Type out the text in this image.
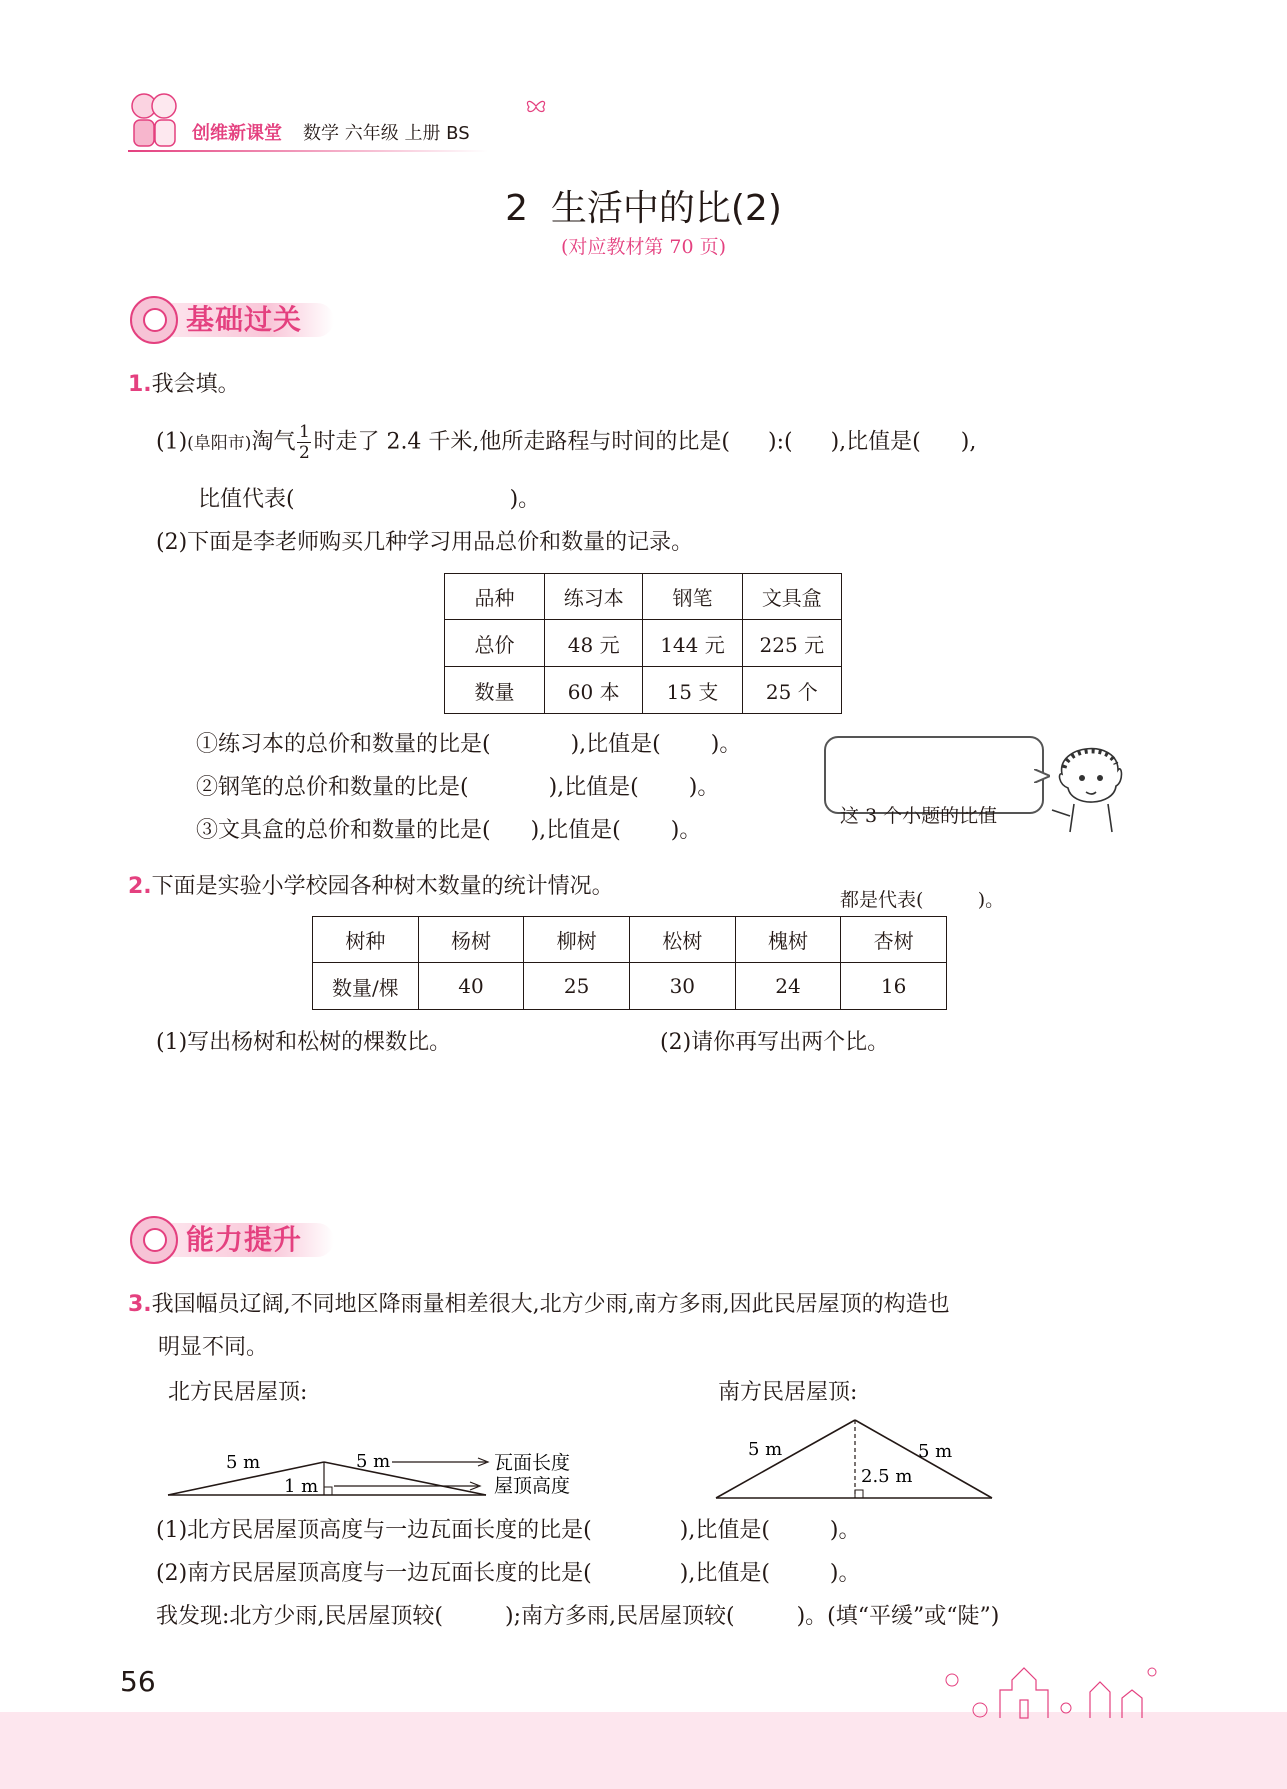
创维新课堂 数学 六年级 上册 BS
2  生活中的比(2)
(对应教材第 70 页)
基础过关
1.我会填。
(1)(阜阳市)淘气 $\frac{1}{2}$ 时走了 2.4 千米,他所走路程与时间的比是( ):( ),比值是( ),
比值代表(	)。
(2)下面是李老师购买几种学习用品总价和数量的记录。
品种	练习本	钢笔	文具盒
总价	48 元	144 元	225 元
数量	60 本	15 支	25 个
①练习本的总价和数量的比是(	),比值是( )。
②钢笔的总价和数量的比是(	),比值是( )。
③文具盒的总价和数量的比是( ),比值是( )。

这 3 个小题的比值

都是代表(         )。

2.下面是实验小学校园各种树木数量的统计情况。
树种	杨树	柳树	松树	槐树	杏树
数量/棵	40	25	30	24	16
(1)写出杨树和松树的棵数比。	(2)请你再写出两个比。
能力提升
3.我国幅员辽阔,不同地区降雨量相差很大,北方少雨,南方多雨,因此民居屋顶的构造也
明显不同。
北方民居屋顶:	南方民居屋顶:
5 m	5 m
1 m
瓦面长度
屋顶高度
5 m	5 m
2.5 m
(1)北方民居屋顶高度与一边瓦面长度的比是(	),比值是(	)。
(2)南方民居屋顶高度与一边瓦面长度的比是(	),比值是(	)。
我发现:北方少雨,民居屋顶较(	);南方多雨,民居屋顶较(	)。(填“平缓”或“陡”)
56
